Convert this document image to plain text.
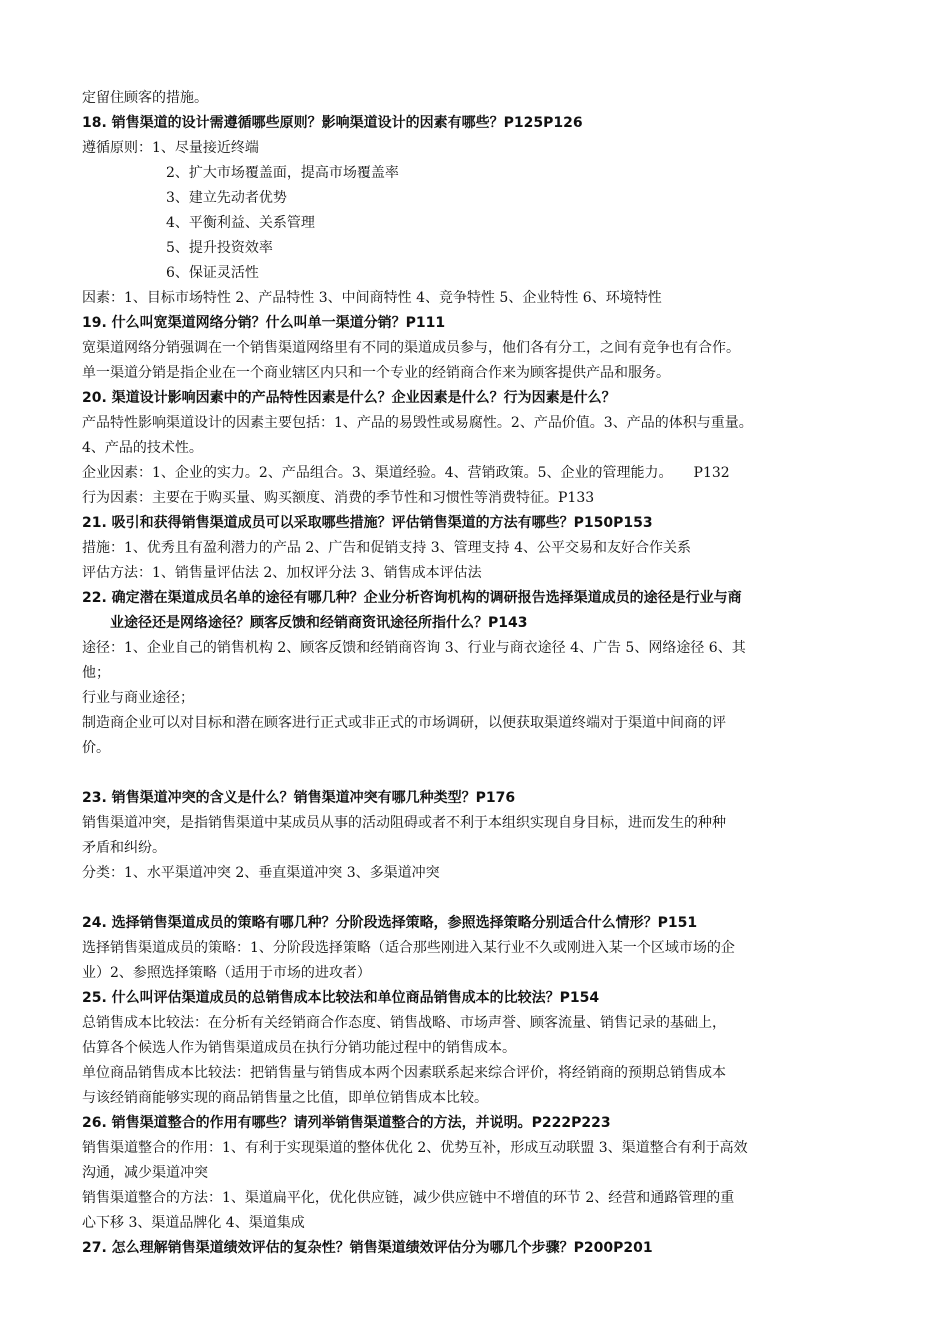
定留住顾客的措施。
18. 销售渠道的设计需遵循哪些原则？影响渠道设计的因素有哪些？P125P126
遵循原则：1、尽量接近终端
2、扩大市场覆盖面，提高市场覆盖率
3、建立先动者优势
4、平衡利益、关系管理
5、提升投资效率
6、保证灵活性
因素：1、目标市场特性 2、产品特性 3、中间商特性 4、竞争特性 5、企业特性 6、环境特性
19. 什么叫宽渠道网络分销？什么叫单一渠道分销？P111
宽渠道网络分销强调在一个销售渠道网络里有不同的渠道成员参与，他们各有分工，之间有竞争也有合作。
单一渠道分销是指企业在一个商业辖区内只和一个专业的经销商合作来为顾客提供产品和服务。
20. 渠道设计影响因素中的产品特性因素是什么？企业因素是什么？行为因素是什么？
产品特性影响渠道设计的因素主要包括：1、产品的易毁性或易腐性。2、产品价值。3、产品的体积与重量。
4、产品的技术性。
企业因素：1、企业的实力。2、产品组合。3、渠道经验。4、营销政策。5、企业的管理能力。　　P132
行为因素：主要在于购买量、购买额度、消费的季节性和习惯性等消费特征。P133
21. 吸引和获得销售渠道成员可以采取哪些措施？评估销售渠道的方法有哪些？P150P153
措施：1、优秀且有盈利潜力的产品 2、广告和促销支持 3、管理支持 4、公平交易和友好合作关系
评估方法：1、销售量评估法 2、加权评分法 3、销售成本评估法
22. 确定潜在渠道成员名单的途径有哪几种？企业分析咨询机构的调研报告选择渠道成员的途径是行业与商
业途径还是网络途径？顾客反馈和经销商资讯途径所指什么？P143
途径：1、企业自己的销售机构 2、顾客反馈和经销商咨询 3、行业与商衣途径 4、广告 5、网络途径 6、其
他；
行业与商业途径；
制造商企业可以对目标和潜在顾客进行正式或非正式的市场调研，以便获取渠道终端对于渠道中间商的评
价。
23. 销售渠道冲突的含义是什么？销售渠道冲突有哪几种类型？P176
销售渠道冲突，是指销售渠道中某成员从事的活动阻碍或者不利于本组织实现自身目标，进而发生的种种
矛盾和纠纷。
分类：1、水平渠道冲突 2、垂直渠道冲突 3、多渠道冲突
24. 选择销售渠道成员的策略有哪几种？分阶段选择策略，参照选择策略分别适合什么情形？P151
选择销售渠道成员的策略：1、分阶段选择策略（适合那些刚进入某行业不久或刚进入某一个区域市场的企
业）2、参照选择策略（适用于市场的进攻者）
25. 什么叫评估渠道成员的总销售成本比较法和单位商品销售成本的比较法？P154
总销售成本比较法：在分析有关经销商合作态度、销售战略、市场声誉、顾客流量、销售记录的基础上，
估算各个候选人作为销售渠道成员在执行分销功能过程中的销售成本。
单位商品销售成本比较法：把销售量与销售成本两个因素联系起来综合评价，将经销商的预期总销售成本
与该经销商能够实现的商品销售量之比值，即单位销售成本比较。
26. 销售渠道整合的作用有哪些？请列举销售渠道整合的方法，并说明。P222P223
销售渠道整合的作用：1、有利于实现渠道的整体优化 2、优势互补，形成互动联盟 3、渠道整合有利于高效
沟通，减少渠道冲突
销售渠道整合的方法：1、渠道扁平化，优化供应链，减少供应链中不增值的环节 2、经营和通路管理的重
心下移 3、渠道品牌化 4、渠道集成
27. 怎么理解销售渠道绩效评估的复杂性？销售渠道绩效评估分为哪几个步骤？P200P201
